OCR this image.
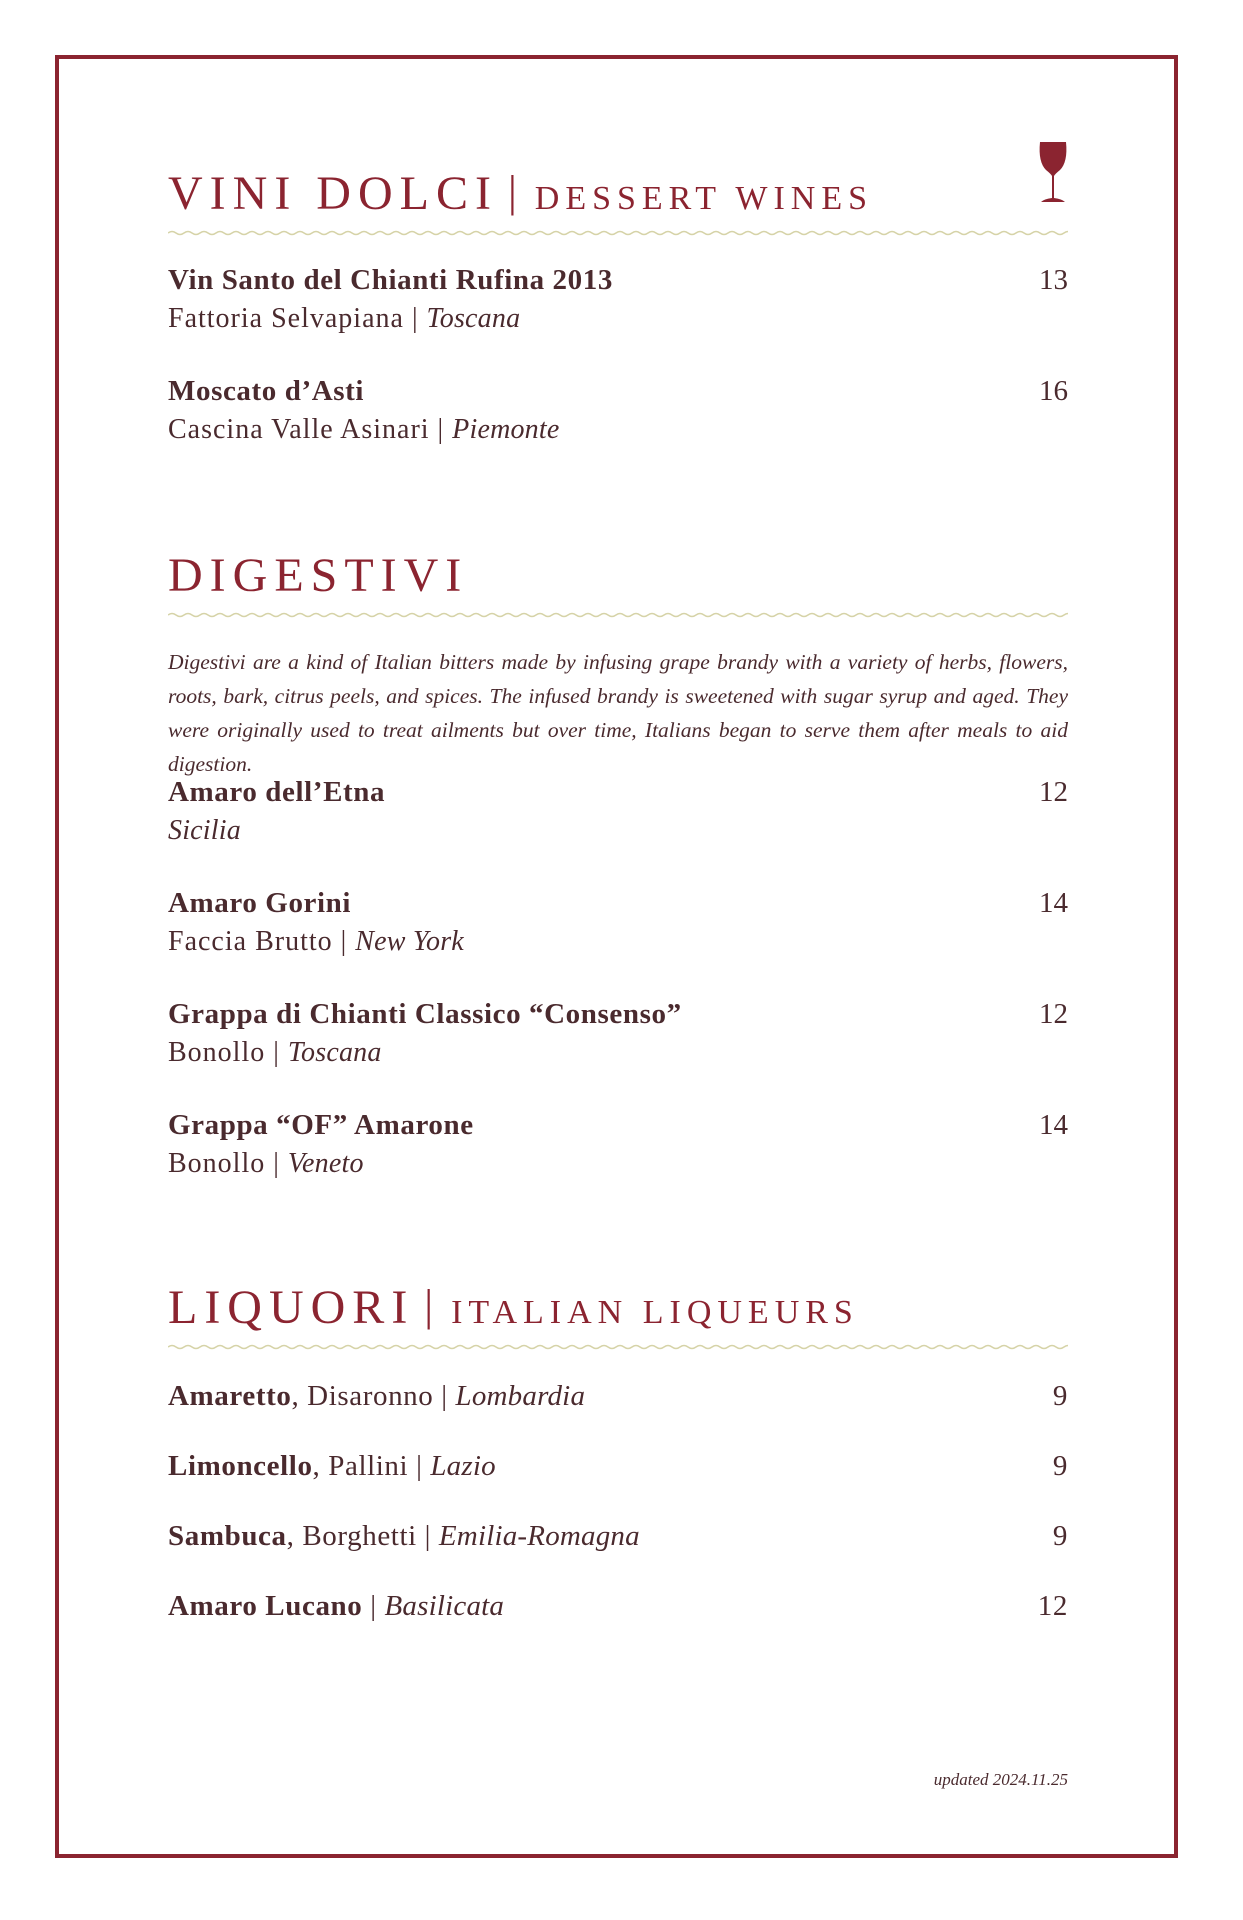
VINI DOLCI | DESSERT WINES
Vin Santo del Chianti Rufina 2013
Fattoria Selvapiana | Toscana
13
Moscato d’Asti
Cascina Valle Asinari | Piemonte
16
DIGESTIVI
Digestivi are a kind of Italian bitters made by infusing grape brandy with a variety of herbs, flowers, roots, bark, citrus peels, and spices. The infused brandy is sweetened with sugar syrup and aged. They were originally used to treat ailments but over time, Italians began to serve them after meals to aid digestion.
Amaro dell’Etna
Sicilia
12
Amaro Gorini
Faccia Brutto | New York
14
Grappa di Chianti Classico “Consenso”
Bonollo | Toscana
12
Grappa “OF” Amarone
Bonollo | Veneto
14
LIQUORI | ITALIAN LIQUEURS
Amaretto, Disaronno | Lombardia	9
Limoncello, Pallini | Lazio	9
Sambuca, Borghetti | Emilia-Romagna	9
Amaro Lucano | Basilicata	12
updated 2024.11.25
